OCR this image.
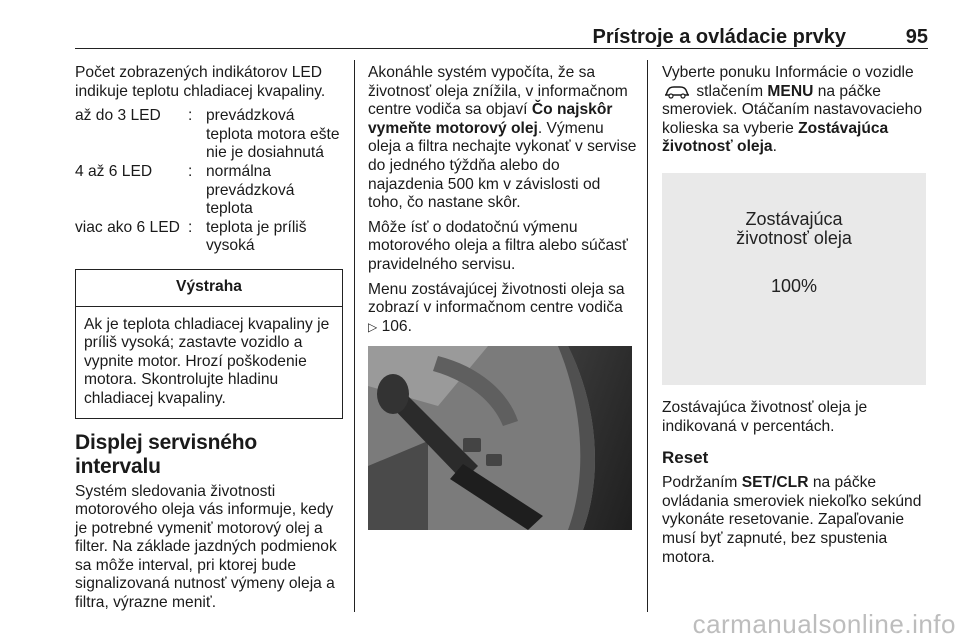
Prístroje a ovládacie prvky	95

Počet zobrazených indikátorov LED indikuje teplotu chladiacej kvapaliny.

až do 3 LED	:	prevádzková teplota motora ešte nie je dosiahnutá
4 až 6 LED	:	normálna prevádzková teplota
viac ako 6 LED	:	teplota je príliš vysoká
Výstraha
Ak je teplota chladiacej kvapaliny je príliš vysoká; zastavte vozidlo a vypnite motor. Hrozí poškodenie motora. Skontrolujte hladinu chladiacej kvapaliny.
Displej servisného intervalu

Systém sledovania životnosti motorového oleja vás informuje, kedy je potrebné vymeniť motorový olej a filter. Na základe jazdných podmienok sa môže interval, pri ktorej bude signalizovaná nutnosť výmeny oleja a filtra, výrazne meniť.

Akonáhle systém vypočíta, že sa životnosť oleja znížila, v informačnom centre vodiča sa objaví Čo najskôr vymeňte motorový olej. Výmenu oleja a filtra nechajte vykonať v servise do jedného týždňa alebo do najazdenia 500 km v závislosti od toho, čo nastane skôr.

Môže ísť o dodatočnú výmenu motorového oleja a filtra alebo súčasť pravidelného servisu.

Menu zostávajúcej životnosti oleja sa zobrazí v informačnom centre vodiča
▷ 106.

Vyberte ponuku Informácie o vozidle
stlačením MENU na páčke smeroviek. Otáčaním nastavovacieho kolieska sa vyberie Zostávajúca životnosť oleja.

Zostávajúca
životnosť oleja
100%

Zostávajúca životnosť oleja je indikovaná v percentách.

Reset

Podržaním SET/CLR na páčke ovládania smeroviek niekoľko sekúnd vykonáte resetovanie. Zapaľovanie musí byť zapnuté, bez spustenia motora.

carmanualsonline.info
